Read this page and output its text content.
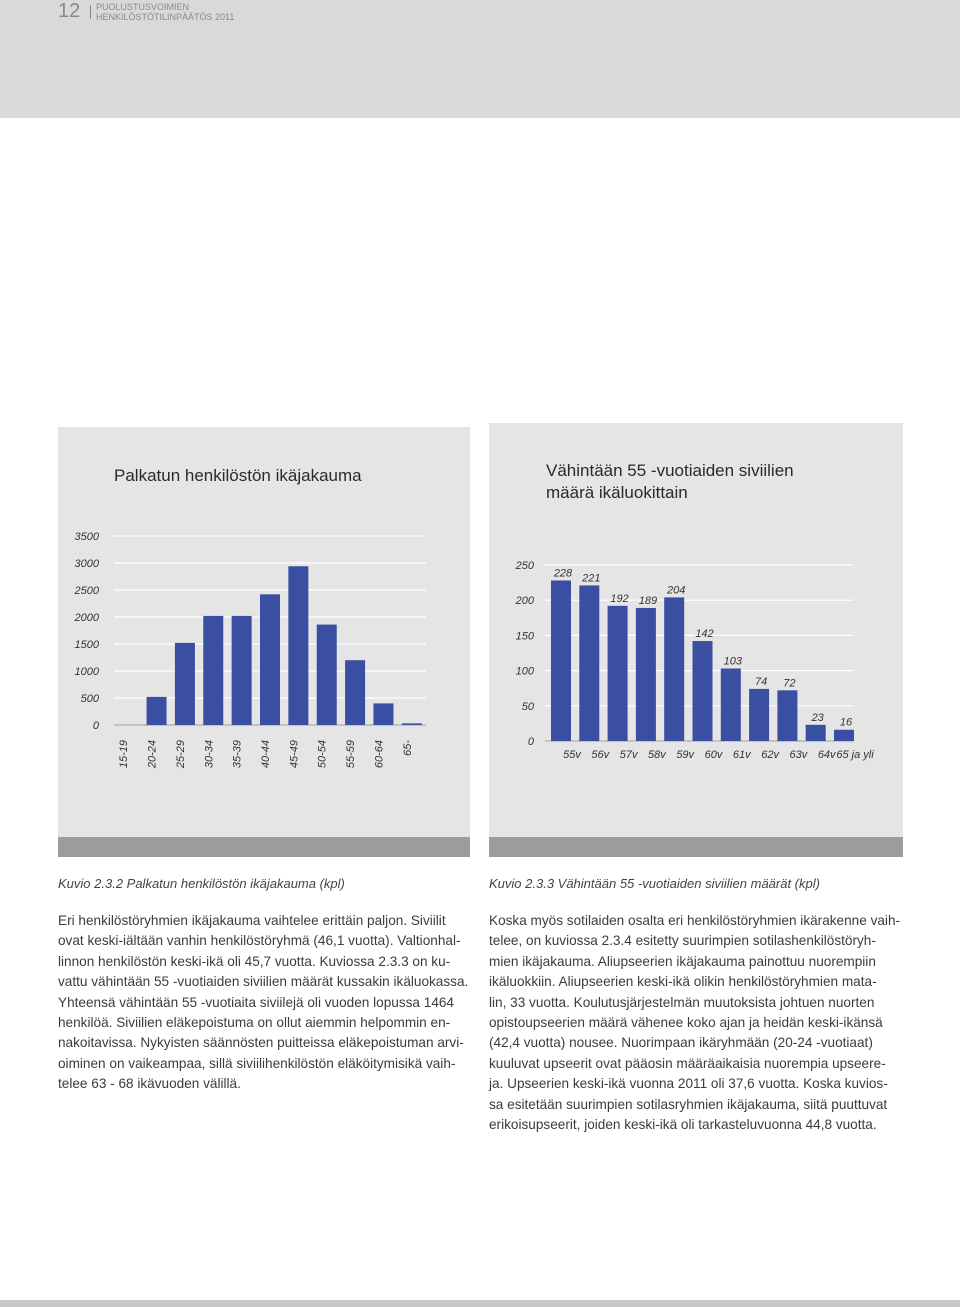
12 PUOLUSTUSVOIMIEN
HENKILÖSTÖTILINPÄÄTÖS 2011
Palkatun henkilöstön ikäjakauma
0
500
1000
1500
2000
2500
3000
3500
15-19 20-24 25-29 30-34 35-39 40-44 45-49 50-54 55-59 60-64 65-
Vähintään 55 -vuotiaiden siviilien
määrä ikäluokittain
0
50
100
150
200
250
228
55v
221
56v
192
57v
189
58v
204
59v
142
60v
103
61v
74
62v
72
63v
23
64v
16
65 ja yli
Kuvio 2.3.2 Palkatun henkilöstön ikäjakauma (kpl)	Kuvio 2.3.3 Vähintään 55 -vuotiaiden siviilien määrät (kpl)
Eri henkilöstöryhmien ikäjakauma vaihtelee erittäin paljon. Siviilit
ovat keski-iältään vanhin henkilöstöryhmä (46,1 vuotta). Valtionhal-
linnon henkilöstön keski-ikä oli 45,7 vuotta. Kuviossa 2.3.3 on ku-
vattu vähintään 55 -vuotiaiden siviilien määrät kussakin ikäluokassa.
Yhteensä vähintään 55 -vuotiaita siviilejä oli vuoden lopussa 1464
henkilöä. Siviilien eläkepoistuma on ollut aiemmin helpommin en-
nakoitavissa. Nykyisten säännösten puitteissa eläkepoistuman arvi-
oiminen on vaikeampaa, sillä siviilihenkilöstön eläköitymisikä vaih-
telee 63 - 68 ikävuoden välillä.
Koska myös sotilaiden osalta eri henkilöstöryhmien ikärakenne vaih-
telee, on kuviossa 2.3.4 esitetty suurimpien sotilashenkilöstöryh-
mien ikäjakauma. Aliupseerien ikäjakauma painottuu nuorempiin
ikäluokkiin. Aliupseerien keski-ikä olikin henkilöstöryhmien mata-
lin, 33 vuotta. Koulutusjärjestelmän muutoksista johtuen nuorten
opistoupseerien määrä vähenee koko ajan ja heidän keski-ikänsä
(42,4 vuotta) nousee. Nuorimpaan ikäryhmään (20-24 -vuotiaat)
kuuluvat upseerit ovat pääosin määräaikaisia nuorempia upseere-
ja. Upseerien keski-ikä vuonna 2011 oli 37,6 vuotta. Koska kuvios-
sa esitetään suurimpien sotilasryhmien ikäjakauma, siitä puuttuvat
erikoisupseerit, joiden keski-ikä oli tarkasteluvuonna 44,8 vuotta.
